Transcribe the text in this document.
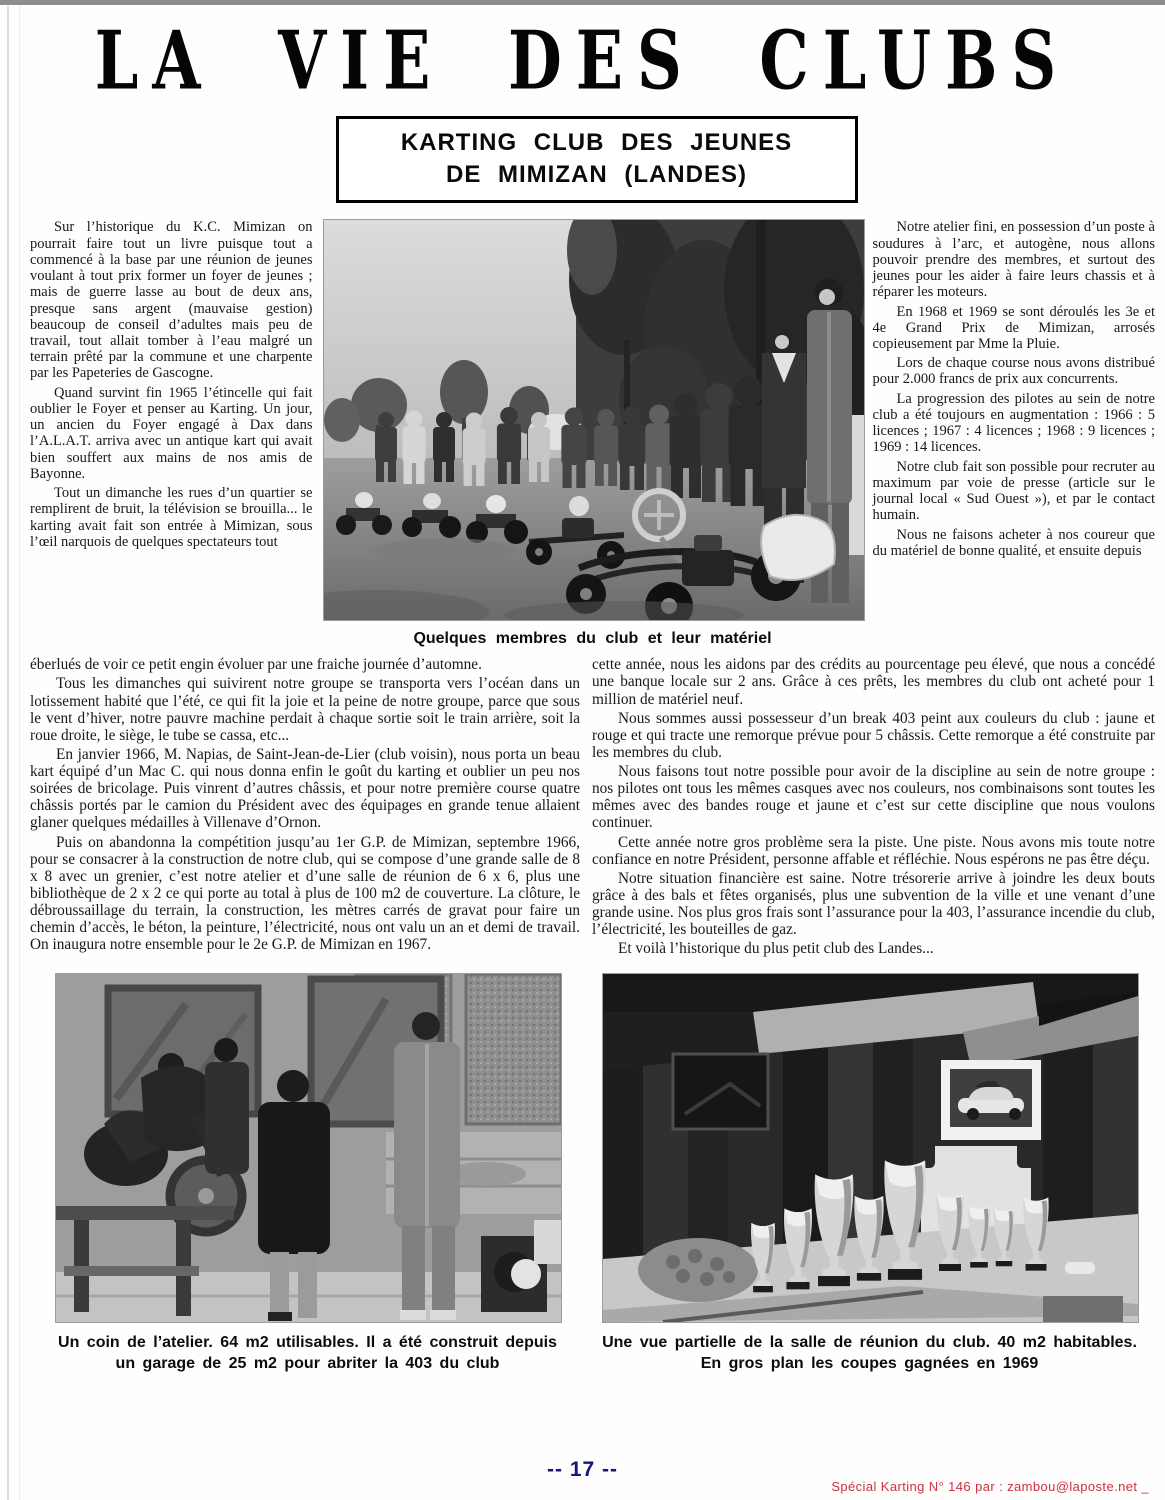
LA VIE DES CLUBS
KARTING CLUB DES JEUNES
DE MIMIZAN (LANDES)

Sur l’historique du K.C. Mimizan on pourrait faire tout un livre puisque tout a commencé à la base par une réunion de jeunes voulant à tout prix former un foyer de jeunes ; mais de guerre lasse au bout de deux ans, presque sans argent (mauvaise gestion) beaucoup de conseil d’adultes mais peu de travail, tout allait tomber à l’eau malgré un terrain prêté par la commune et une charpente par les Papeteries de Gascogne.

Quand survint fin 1965 l’étincelle qui fait oublier le Foyer et penser au Karting. Un jour, un ancien du Foyer engagé à Dax dans l’A.L.A.T. arriva avec un antique kart qui avait bien souffert aux mains de nos amis de Bayonne.

Tout un dimanche les rues d’un quartier se remplirent de bruit, la télévision se brouilla... le karting avait fait son entrée à Mimizan, sous l’œil narquois de quelques spectateurs tout

Quelques membres du club et leur matériel

Notre atelier fini, en possession d’un poste à soudures à l’arc, et autogène, nous allons pouvoir prendre des membres, et surtout des jeunes pour les aider à faire leurs chassis et à réparer les moteurs.

En 1968 et 1969 se sont déroulés les 3e et 4e Grand Prix de Mimizan, arrosés copieusement par Mme la Pluie.

Lors de chaque course nous avons distribué pour 2.000 francs de prix aux concurrents.

La progression des pilotes au sein de notre club a été toujours en augmentation : 1966 : 5 licences ; 1967 : 4 licences ; 1968 : 9 licences ; 1969 : 14 licences.

Notre club fait son possible pour recruter au maximum par voie de presse (article sur le journal local « Sud Ouest »), et par le contact humain.

Nous ne faisons acheter à nos coureur que du matériel de bonne qualité, et ensuite depuis

éberlués de voir ce petit engin évoluer par une fraiche journée d’automne.

Tous les dimanches qui suivirent notre groupe se transporta vers l’océan dans un lotissement habité que l’été, ce qui fit la joie et la peine de notre groupe, parce que sous le vent d’hiver, notre pauvre machine perdait à chaque sortie soit le train arrière, soit la roue droite, le siège, le tube se cassa, etc...

En janvier 1966, M. Napias, de Saint-Jean-de-Lier (club voisin), nous porta un beau kart équipé d’un Mac C. qui nous donna enfin le goût du karting et oublier un peu nos soirées de bricolage. Puis vinrent d’autres châssis, et pour notre première course quatre châssis portés par le camion du Président avec des équipages en grande tenue allaient glaner quelques médailles à Villenave d’Ornon.

Puis on abandonna la compétition jusqu’au 1er G.P. de Mimizan, septembre 1966, pour se consacrer à la construction de notre club, qui se compose d’une grande salle de 8 x 8 avec un grenier, c’est notre atelier et d’une salle de réunion de 6 x 6, plus une bibliothèque de 2 x 2 ce qui porte au total à plus de 100 m2 de couverture. La clôture, le débroussaillage du terrain, la construction, les mètres carrés de gravat pour faire un chemin d’accès, le béton, la peinture, l’électricité, nous ont valu un an et demi de travail. On inaugura notre ensemble pour le 2e G.P. de Mimizan en 1967.

cette année, nous les aidons par des crédits au pourcentage peu élevé, que nous a concédé une banque locale sur 2 ans. Grâce à ces prêts, les membres du club ont acheté pour 1 million de matériel neuf.

Nous sommes aussi possesseur d’un break 403 peint aux couleurs du club : jaune et rouge et qui tracte une remorque prévue pour 5 châssis. Cette remorque a été construite par les membres du club.

Nous faisons tout notre possible pour avoir de la discipline au sein de notre groupe : nos pilotes ont tous les mêmes casques avec nos couleurs, nos combinaisons sont toutes les mêmes avec des bandes rouge et jaune et c’est sur cette discipline que nous voulons continuer.

Cette année notre gros problème sera la piste. Une piste. Nous avons mis toute notre confiance en notre Président, personne affable et réfléchie. Nous espérons ne pas être déçu.

Notre situation financière est saine. Notre trésorerie arrive à joindre les deux bouts grâce à des bals et fêtes organisés, plus une subvention de la ville et une venant d’une grande usine. Nos plus gros frais sont l’assurance pour la 403, l’assurance incendie du club, l’électricité, les bouteilles de gaz.

Et voilà l’historique du plus petit club des Landes...

Un coin de l’atelier. 64 m2 utilisables. Il a été construit depuis un garage de 25 m2 pour abriter la 403 du club
Une vue partielle de la salle de réunion du club. 40 m2 habitables. En gros plan les coupes gagnées en 1969
-- 17 --
Spécial Karting N° 146 par : zambou@laposte.net _
